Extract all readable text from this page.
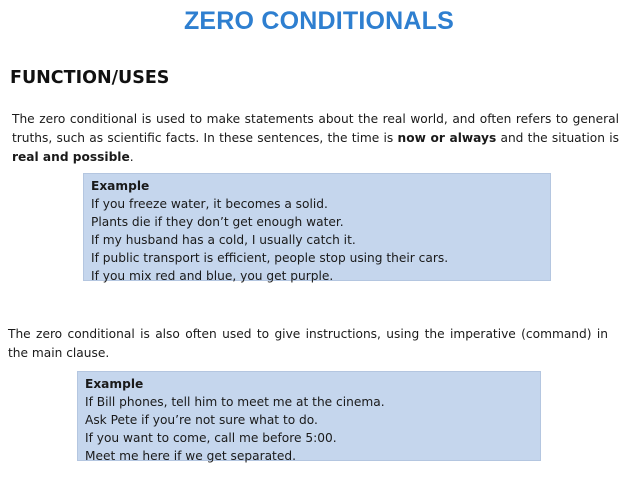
ZERO CONDITIONALS
FUNCTION/USES
The zero conditional is used to make statements about the real world, and often refers to general truths, such as scientific facts. In these sentences, the time is now or always and the situation is real and possible.
Example
If you freeze water, it becomes a solid.
Plants die if they don’t get enough water.
If my husband has a cold, I usually catch it.
If public transport is efficient, people stop using their cars.
If you mix red and blue, you get purple.
The zero conditional is also often used to give instructions, using the imperative (command) in the main clause.
Example
If Bill phones, tell him to meet me at the cinema.
Ask Pete if you’re not sure what to do.
If you want to come, call me before 5:00.
Meet me here if we get separated.
